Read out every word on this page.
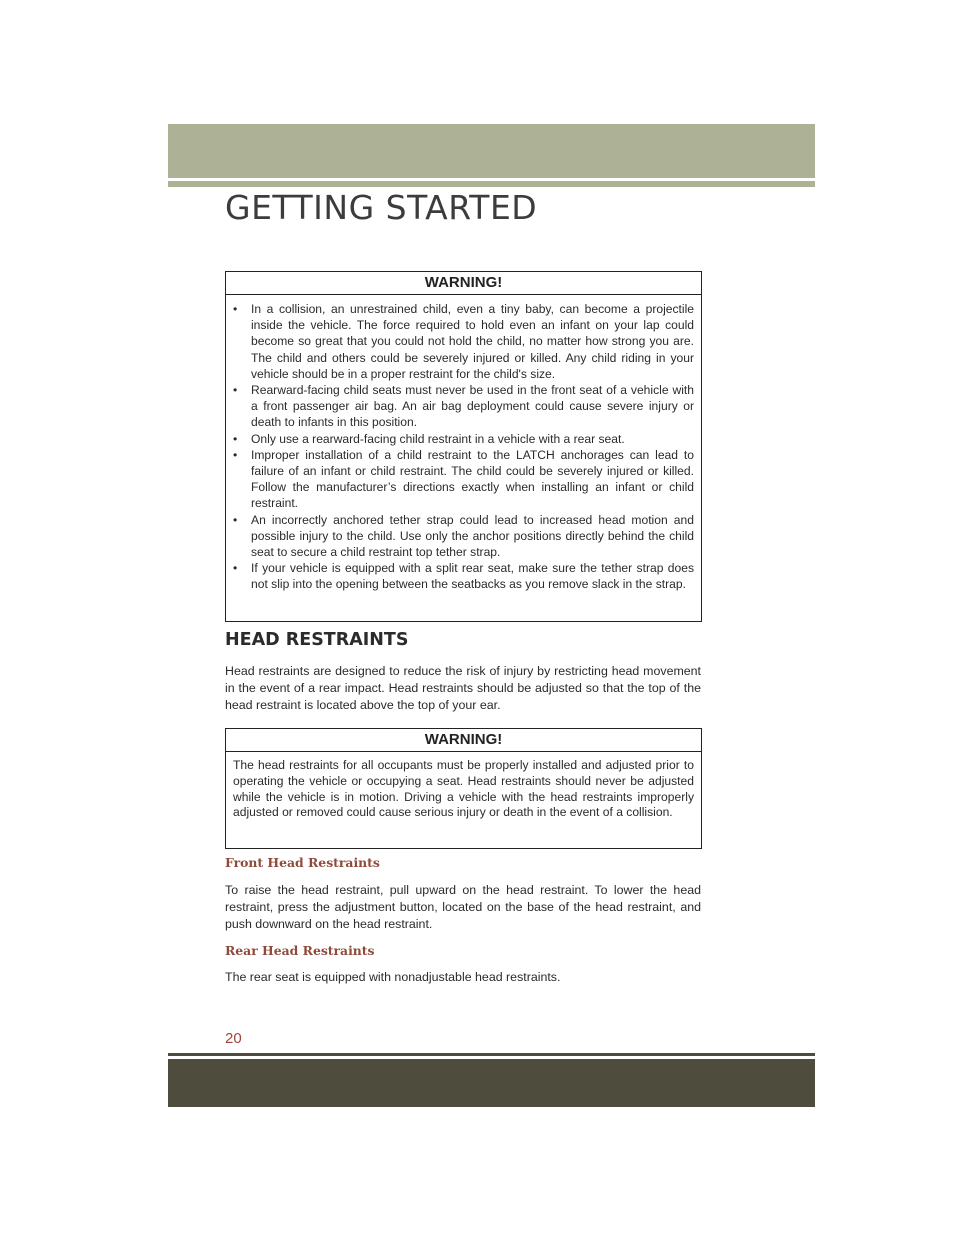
GETTING STARTED
WARNING!
• In a collision, an unrestrained child, even a tiny baby, can become a projectile inside the vehicle. The force required to hold even an infant on your lap could become so great that you could not hold the child, no matter how strong you are. The child and others could be severely injured or killed. Any child riding in your vehicle should be in a proper restraint for the child's size.
• Rearward-facing child seats must never be used in the front seat of a vehicle with a front passenger air bag. An air bag deployment could cause severe injury or death to infants in this position.
• Only use a rearward-facing child restraint in a vehicle with a rear seat.
• Improper installation of a child restraint to the LATCH anchorages can lead to failure of an infant or child restraint. The child could be severely injured or killed. Follow the manufacturer’s directions exactly when installing an infant or child restraint.
• An incorrectly anchored tether strap could lead to increased head motion and possible injury to the child. Use only the anchor positions directly behind the child seat to secure a child restraint top tether strap.
• If your vehicle is equipped with a split rear seat, make sure the tether strap does not slip into the opening between the seatbacks as you remove slack in the strap.
HEAD RESTRAINTS

Head restraints are designed to reduce the risk of injury by restricting head movement in the event of a rear impact. Head restraints should be adjusted so that the top of the head restraint is located above the top of your ear.

WARNING!
The head restraints for all occupants must be properly installed and adjusted prior to operating the vehicle or occupying a seat. Head restraints should never be adjusted while the vehicle is in motion. Driving a vehicle with the head restraints improperly adjusted or removed could cause serious injury or death in the event of a collision.
Front Head Restraints

To raise the head restraint, pull upward on the head restraint. To lower the head restraint, press the adjustment button, located on the base of the head restraint, and push downward on the head restraint.

Rear Head Restraints

The rear seat is equipped with nonadjustable head restraints.

20
